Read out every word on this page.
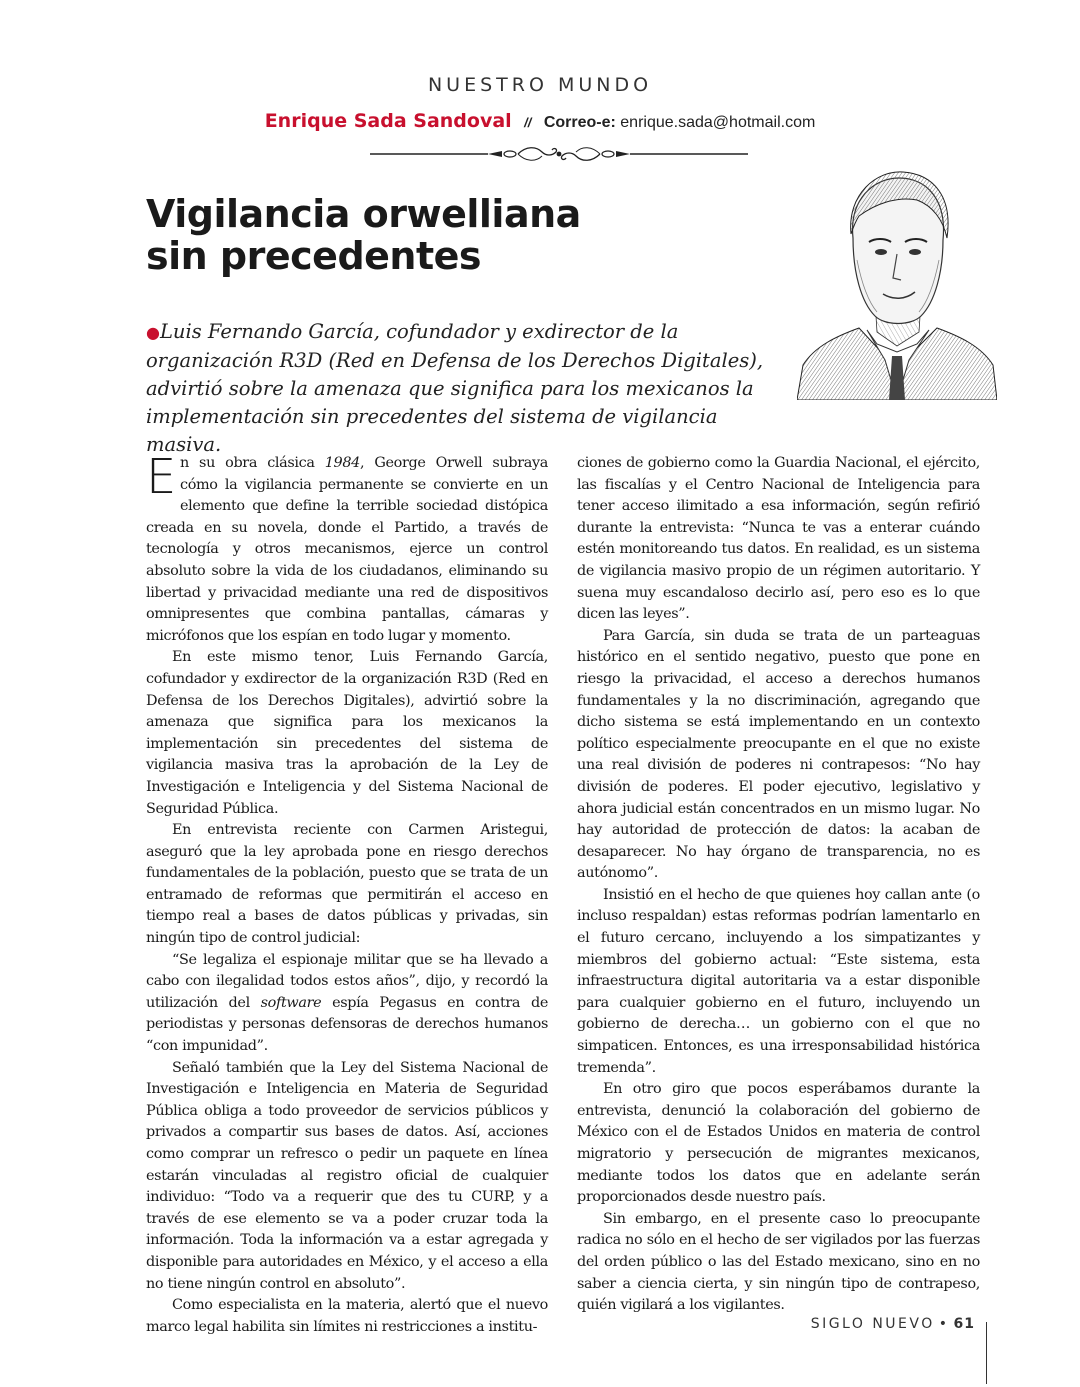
NUESTRO MUNDO
Enrique Sada Sandoval // Correo-e: enrique.sada@hotmail.com
Vigilancia orwelliana
sin precedentes

●Luis Fernando García, cofundador y exdirector de la organización R3D (Red en Defensa de los Derechos Digitales), advirtió sobre la amenaza que significa para los mexicanos la implementación sin precedentes del sistema de vigilancia masiva.

En su obra clásica 1984, George Orwell subraya cómo la vigilancia permanente se convierte en un elemento que define la terrible sociedad distópica creada en su novela, donde el Partido, a través de tecnología y otros mecanismos, ejerce un control absoluto sobre la vida de los ciudadanos, eliminando su libertad y privacidad mediante una red de dispositivos omnipresentes que combina pantallas, cámaras y micrófonos que los espían en todo lugar y momento.

En este mismo tenor, Luis Fernando García, cofundador y exdirector de la organización R3D (Red en Defensa de los Derechos Digitales), advirtió sobre la amenaza que significa para los mexicanos la implementación sin precedentes del sistema de vigilancia masiva tras la aprobación de la Ley de Investigación e Inteligencia y del Sistema Nacional de Seguridad Pública.

En entrevista reciente con Carmen Aristegui, aseguró que la ley aprobada pone en riesgo derechos fundamentales de la población, puesto que se trata de un entramado de reformas que permitirán el acceso en tiempo real a bases de datos públicas y privadas, sin ningún tipo de control judicial:

“Se legaliza el espionaje militar que se ha llevado a cabo con ilegalidad todos estos años”, dijo, y recordó la utilización del software espía Pegasus en contra de periodistas y personas defensoras de derechos humanos “con impunidad”.

Señaló también que la Ley del Sistema Nacional de Investigación e Inteligencia en Materia de Seguridad Pública obliga a todo proveedor de servicios públicos y privados a compartir sus bases de datos. Así, acciones como comprar un refresco o pedir un paquete en línea estarán vinculadas al registro oficial de cualquier individuo: “Todo va a requerir que des tu CURP, y a través de ese elemento se va a poder cruzar toda la información. Toda la información va a estar agregada y disponible para autoridades en México, y el acceso a ella no tiene ningún control en absoluto”.

Como especialista en la materia, alertó que el nuevo marco legal habilita sin límites ni restricciones a institu-

ciones de gobierno como la Guardia Nacional, el ejército, las fiscalías y el Centro Nacional de Inteligencia para tener acceso ilimitado a esa información, según refirió durante la entrevista: “Nunca te vas a enterar cuándo estén monitoreando tus datos. En realidad, es un sistema de vigilancia masivo propio de un régimen autoritario. Y suena muy escandaloso decirlo así, pero eso es lo que dicen las leyes”.

Para García, sin duda se trata de un parteaguas histórico en el sentido negativo, puesto que pone en riesgo la privacidad, el acceso a derechos humanos fundamentales y la no discriminación, agregando que dicho sistema se está implementando en un contexto político especialmente preocupante en el que no existe una real división de poderes ni contrapesos: “No hay división de poderes. El poder ejecutivo, legislativo y ahora judicial están concentrados en un mismo lugar. No hay autoridad de protección de datos: la acaban de desaparecer. No hay órgano de transparencia, no es autónomo”.

Insistió en el hecho de que quienes hoy callan ante (o incluso respaldan) estas reformas podrían lamentarlo en el futuro cercano, incluyendo a los simpatizantes y miembros del gobierno actual: “Este sistema, esta infraestructura digital autoritaria va a estar disponible para cualquier gobierno en el futuro, incluyendo un gobierno de derecha… un gobierno con el que no simpaticen. Entonces, es una irresponsabilidad histórica tremenda”.

En otro giro que pocos esperábamos durante la entrevista, denunció la colaboración del gobierno de México con el de Estados Unidos en materia de control migratorio y persecución de migrantes mexicanos, mediante todos los datos que en adelante serán proporcionados desde nuestro país.

Sin embargo, en el presente caso lo preocupante radica no sólo en el hecho de ser vigilados por las fuerzas del orden público o las del Estado mexicano, sino en no saber a ciencia cierta, y sin ningún tipo de contrapeso, quién vigilará a los vigilantes.

SIGLO NUEVO • 61
